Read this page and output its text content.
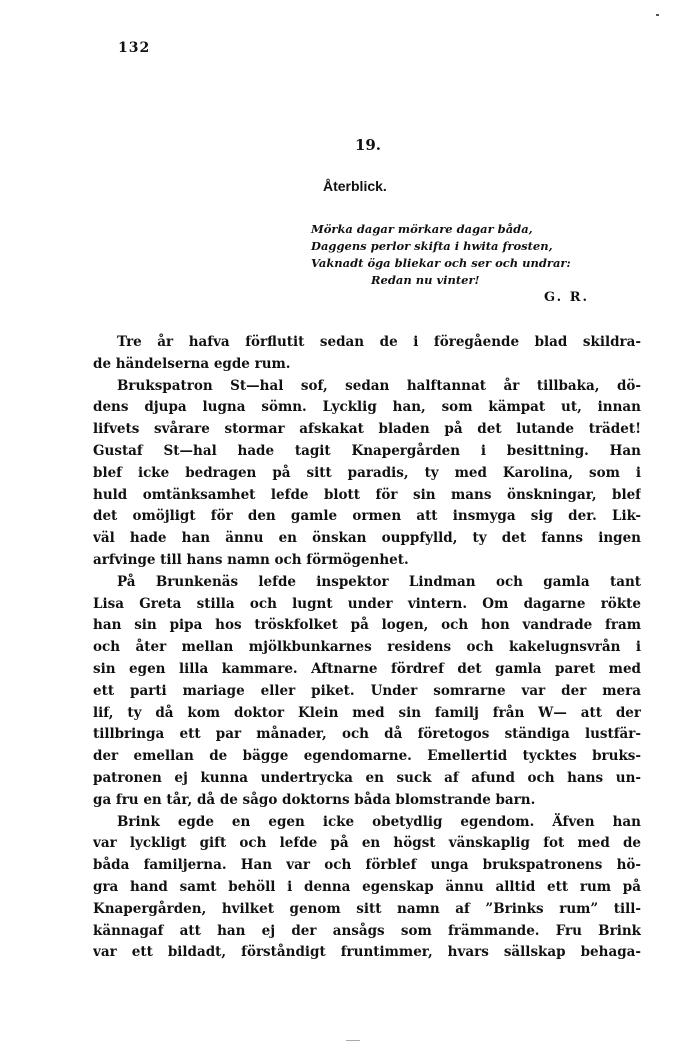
132
19.
Återblick.
Mörka dagar mörkare dagar båda,
Daggens perlor skifta i hwita frosten,
Vaknadt öga bliekar och ser och undrar:
Redan nu vinter!
G. R.
Tre år hafva förflutit sedan de i föregående blad skildra-
de händelserna egde rum.
Brukspatron St—hal sof, sedan halftannat år tillbaka, dö-
dens djupa lugna sömn. Lycklig han, som kämpat ut, innan
lifvets svårare stormar afskakat bladen på det lutande trädet!
Gustaf St—hal hade tagit Knapergården i besittning. Han
blef icke bedragen på sitt paradis, ty med Karolina, som i
huld omtänksamhet lefde blott för sin mans önskningar, blef
det omöjligt för den gamle ormen att insmyga sig der. Lik-
väl hade han ännu en önskan ouppfylld, ty det fanns ingen
arfvinge till hans namn och förmögenhet.
På Brunkenäs lefde inspektor Lindman och gamla tant
Lisa Greta stilla och lugnt under vintern. Om dagarne rökte
han sin pipa hos tröskfolket på logen, och hon vandrade fram
och åter mellan mjölkbunkarnes residens och kakelugnsvrån i
sin egen lilla kammare. Aftnarne fördref det gamla paret med
ett parti mariage eller piket. Under somrarne var der mera
lif, ty då kom doktor Klein med sin familj från W— att der
tillbringa ett par månader, och då företogos ständiga lustfär-
der emellan de bägge egendomarne. Emellertid tycktes bruks-
patronen ej kunna undertrycka en suck af afund och hans un-
ga fru en tår, då de sågo doktorns båda blomstrande barn.
Brink egde en egen icke obetydlig egendom. Äfven han
var lyckligt gift och lefde på en högst vänskaplig fot med de
båda familjerna. Han var och förblef unga brukspatronens hö-
gra hand samt behöll i denna egenskap ännu alltid ett rum på
Knapergården, hvilket genom sitt namn af ”Brinks rum” till-
kännagaf att han ej der ansågs som främmande. Fru Brink
var ett bildadt, förståndigt fruntimmer, hvars sällskap behaga-
